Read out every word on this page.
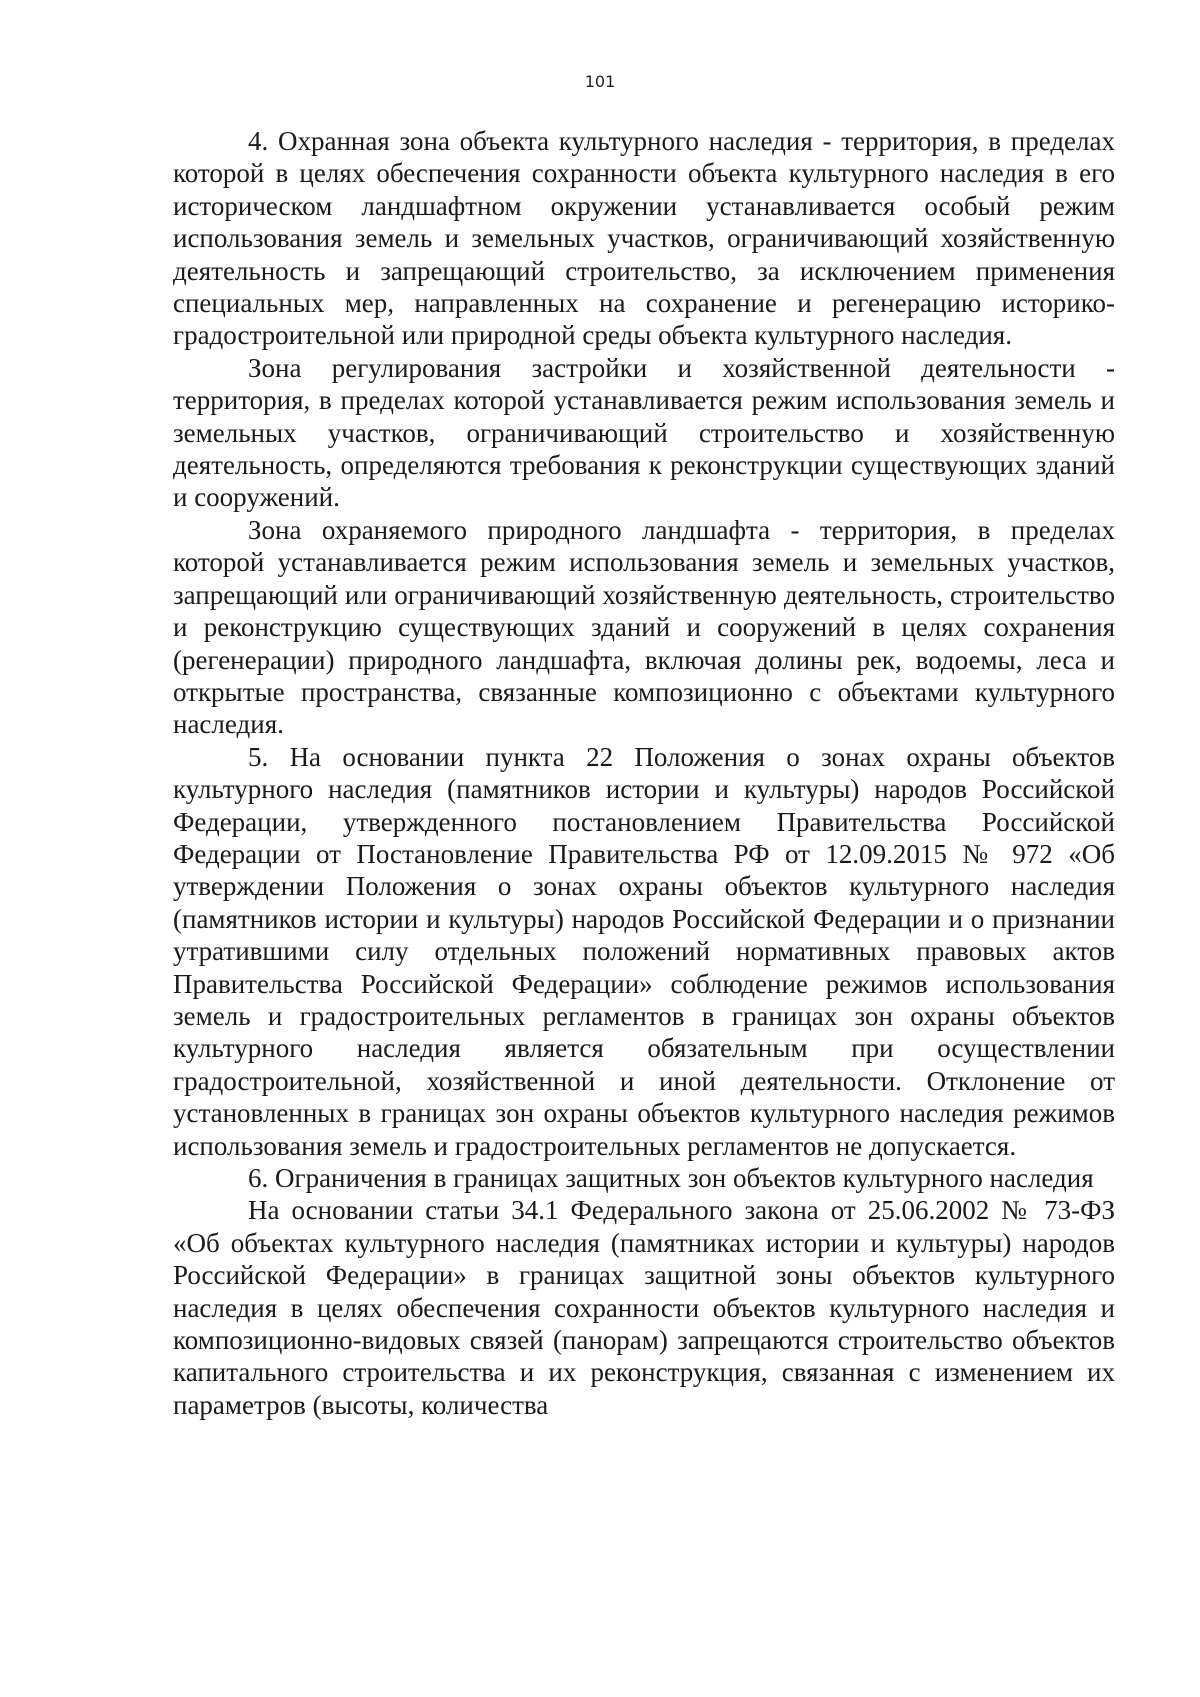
101

4. Охранная зона объекта культурного наследия - территория, в пределах которой в целях обеспечения сохранности объекта культурного наследия в его историческом ландшафтном окружении устанавливается особый режим использования земель и земельных участков, ограничивающий хозяйственную деятельность и запрещающий строительство, за исключением применения специальных мер, направленных на сохранение и регенерацию историко-градостроительной или природной среды объекта культурного наследия.

Зона регулирования застройки и хозяйственной деятельности - территория, в пределах которой устанавливается режим использования земель и земельных участков, ограничивающий строительство и хозяйственную деятельность, определяются требования к реконструкции существующих зданий и сооружений.

Зона охраняемого природного ландшафта - территория, в пределах которой устанавливается режим использования земель и земельных участков, запрещающий или ограничивающий хозяйственную деятельность, строительство и реконструкцию существующих зданий и сооружений в целях сохранения (регенерации) природного ландшафта, включая долины рек, водоемы, леса и открытые пространства, связанные композиционно с объектами культурного наследия.

5. На основании пункта 22 Положения о зонах охраны объектов культурного наследия (памятников истории и культуры) народов Российской Федерации, утвержденного постановлением Правительства Российской Федерации от Постановление Правительства РФ от 12.09.2015 № 972 «Об утверждении Положения о зонах охраны объектов культурного наследия (памятников истории и культуры) народов Российской Федерации и о признании утратившими силу отдельных положений нормативных правовых актов Правительства Российской Федерации» соблюдение режимов использования земель и градостроительных регламентов в границах зон охраны объектов культурного наследия является обязательным при осуществлении градостроительной, хозяйственной и иной деятельности. Отклонение от установленных в границах зон охраны объектов культурного наследия режимов использования земель и градостроительных регламентов не допускается.

6. Ограничения в границах защитных зон объектов культурного наследия

На основании статьи 34.1 Федерального закона от 25.06.2002 № 73-ФЗ «Об объектах культурного наследия (памятниках истории и культуры) народов Российской Федерации» в границах защитной зоны объектов культурного наследия в целях обеспечения сохранности объектов культурного наследия и композиционно-видовых связей (панорам) запрещаются строительство объектов капитального строительства и их реконструкция, связанная с изменением их параметров (высоты, количества
